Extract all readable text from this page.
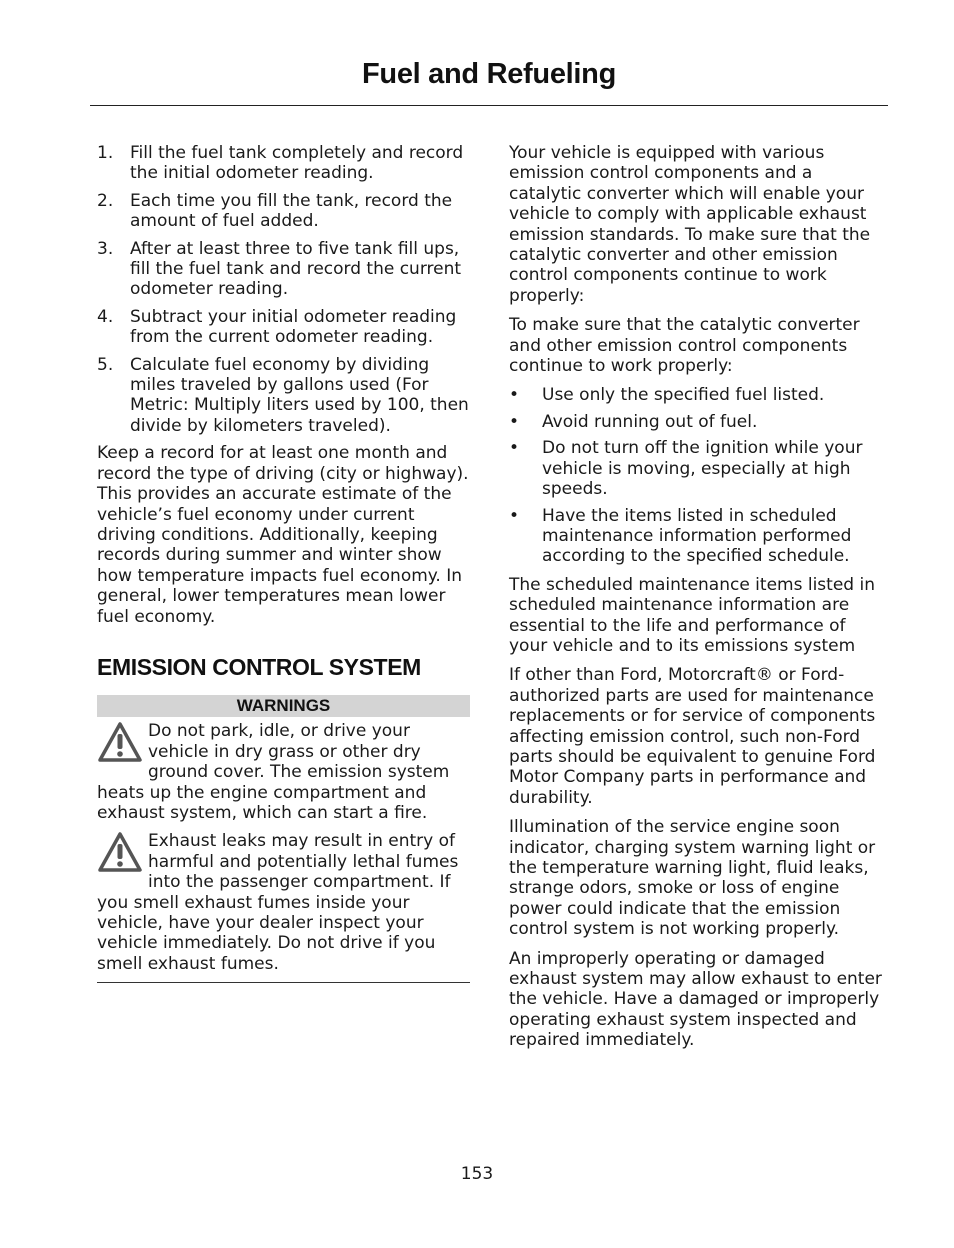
Fuel and Refueling
1. Fill the fuel tank completely and record the initial odometer reading.
2. Each time you fill the tank, record the amount of fuel added.
3. After at least three to five tank fill ups, fill the fuel tank and record the current odometer reading.
4. Subtract your initial odometer reading from the current odometer reading.
5. Calculate fuel economy by dividing miles traveled by gallons used (For Metric: Multiply liters used by 100, then divide by kilometers traveled).

Keep a record for at least one month and record the type of driving (city or highway). This provides an accurate estimate of the vehicle’s fuel economy under current driving conditions. Additionally, keeping records during summer and winter show how temperature impacts fuel economy. In general, lower temperatures mean lower fuel economy.

EMISSION CONTROL SYSTEM
WARNINGS
Do not park, idle, or drive your vehicle in dry grass or other dry ground cover. The emission system heats up the engine compartment and exhaust system, which can start a fire.
Exhaust leaks may result in entry of harmful and potentially lethal fumes into the passenger compartment. If you smell exhaust fumes inside your vehicle, have your dealer inspect your vehicle immediately. Do not drive if you smell exhaust fumes.

Your vehicle is equipped with various emission control components and a catalytic converter which will enable your vehicle to comply with applicable exhaust emission standards. To make sure that the catalytic converter and other emission control components continue to work properly:

To make sure that the catalytic converter and other emission control components continue to work properly:

• Use only the specified fuel listed.
• Avoid running out of fuel.
• Do not turn off the ignition while your vehicle is moving, especially at high speeds.
• Have the items listed in scheduled maintenance information performed according to the specified schedule.

The scheduled maintenance items listed in scheduled maintenance information are essential to the life and performance of your vehicle and to its emissions system

If other than Ford, Motorcraft® or Ford-authorized parts are used for maintenance replacements or for service of components affecting emission control, such non-Ford parts should be equivalent to genuine Ford Motor Company parts in performance and durability.

Illumination of the service engine soon indicator, charging system warning light or the temperature warning light, fluid leaks, strange odors, smoke or loss of engine power could indicate that the emission control system is not working properly.

An improperly operating or damaged exhaust system may allow exhaust to enter the vehicle. Have a damaged or improperly operating exhaust system inspected and repaired immediately.

153
